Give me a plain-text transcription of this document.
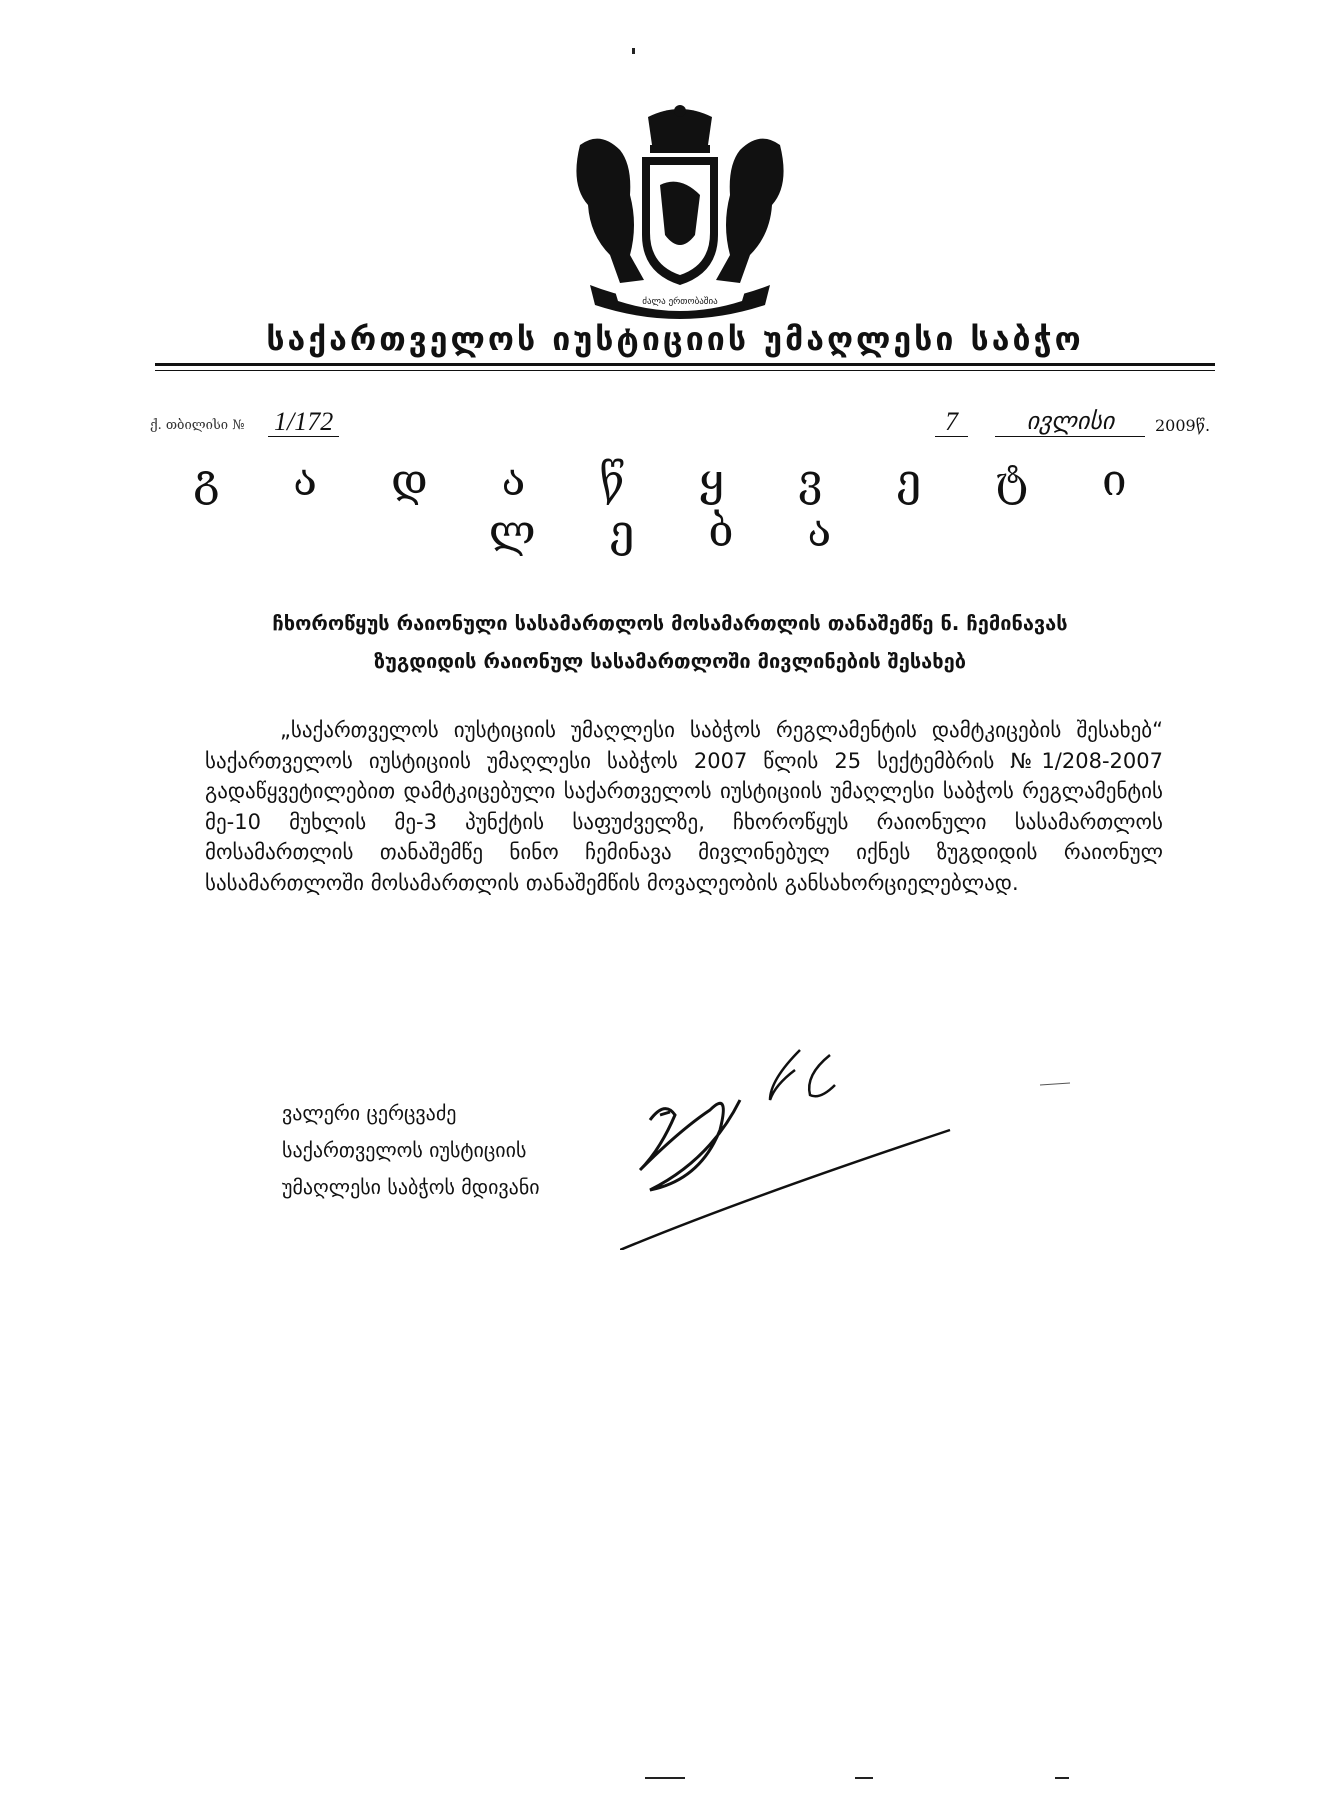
ძალა ერთობაშია
საქართველოს იუსტიციის უმაღლესი საბჭო
ქ. თბილისი № 1/172	7	ივლისი	2009წ.
გ ა დ ა წ ყ ვ ე ტ ი ლ ე ბ ა
ჩხოროწყუს რაიონული სასამართლოს მოსამართლის თანაშემწე ნ. ჩემინავას
ზუგდიდის რაიონულ სასამართლოში მივლინების შესახებ
„საქართველოს იუსტიციის უმაღლესი საბჭოს რეგლამენტის დამტკიცების შესახებ“ საქართველოს იუსტიციის უმაღლესი საბჭოს 2007 წლის 25 სექტემბრის №1/208-2007 გადაწყვეტილებით დამტკიცებული საქართველოს იუსტიციის უმაღლესი საბჭოს რეგლამენტის მე-10 მუხლის მე-3 პუნქტის საფუძველზე, ჩხოროწყუს რაიონული სასამართლოს მოსამართლის თანაშემწე ნინო ჩემინავა მივლინებულ იქნეს ზუგდიდის რაიონულ სასამართლოში მოსამართლის თანაშემწის მოვალეობის განსახორციელებლად.
ვალერი ცერცვაძე
საქართველოს იუსტიციის
უმაღლესი საბჭოს მდივანი
